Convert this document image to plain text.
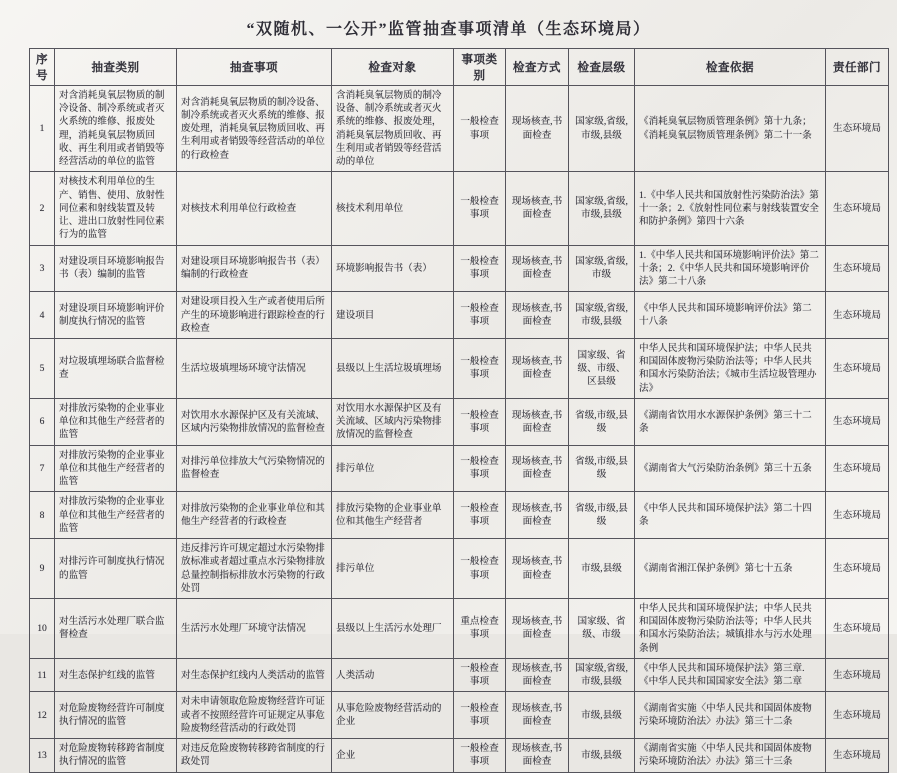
“双随机、一公开”监管抽查事项清单（生态环境局）
序号	抽查类别	抽查事项	检查对象	事项类别	检查方式	检查层级	检查依据	责任部门
1	对含消耗臭氧层物质的制冷设备、制冷系统或者灭火系统的维修、报废处理，消耗臭氧层物质回收、再生利用或者销毁等经营活动的单位的监管	对含消耗臭氧层物质的制冷设备、制冷系统或者灭火系统的维修、报废处理，消耗臭氧层物质回收、再生利用或者销毁等经营活动的单位的行政检查	含消耗臭氧层物质的制冷设备、制冷系统或者灭火系统的维修、报废处理，消耗臭氧层物质回收、再生利用或者销毁等经营活动的单位	一般检查事项	现场核查,书面检查	国家级,省级,市级,县级	《消耗臭氧层物质管理条例》第十九条；《消耗臭氧层物质管理条例》第二十一条	生态环境局
2	对核技术利用单位的生产、销售、使用、放射性同位素和射线装置及转让、进出口放射性同位素行为的监管	对核技术利用单位行政检查	核技术利用单位	一般检查事项	现场核查,书面检查	国家级,省级,市级,县级	1.《中华人民共和国放射性污染防治法》第十一条；2.《放射性同位素与射线装置安全和防护条例》第四十六条	生态环境局
3	对建设项目环境影响报告书（表）编制的监管	对建设项目环境影响报告书（表）编制的行政检查	环境影响报告书（表）	一般检查事项	现场核查,书面检查	国家级,省级,市级	1.《中华人民共和国环境影响评价法》第二十条；2.《中华人民共和国环境影响评价法》第二十八条	生态环境局
4	对建设项目环境影响评价制度执行情况的监管	对建设项目投入生产或者使用后所产生的环境影响进行跟踪检查的行政检查	建设项目	一般检查事项	现场核查,书面检查	国家级,省级,市级,县级	《中华人民共和国环境影响评价法》第二十八条	生态环境局
5	对垃圾填埋场联合监督检查	生活垃圾填埋场环境守法情况	县级以上生活垃圾填埋场	一般检查事项	现场核查,书面检查	国家级、省级、市级、区县级	中华人民共和国环境保护法；中华人民共和国固体废物污染防治法等；中华人民共和国水污染防治法；《城市生活垃圾管理办法》	生态环境局
6	对排放污染物的企业事业单位和其他生产经营者的监管	对饮用水水源保护区及有关流域、区域内污染物排放情况的监督检查	对饮用水水源保护区及有关流域、区域内污染物排放情况的监督检查	一般检查事项	现场核查,书面检查	省级,市级,县级	《湖南省饮用水水源保护条例》第三十二条	生态环境局
7	对排放污染物的企业事业单位和其他生产经营者的监管	对排污单位排放大气污染物情况的监督检查	排污单位	一般检查事项	现场核查,书面检查	省级,市级,县级	《湖南省大气污染防治条例》第三十五条	生态环境局
8	对排放污染物的企业事业单位和其他生产经营者的监管	对排放污染物的企业事业单位和其他生产经营者的行政检查	排放污染物的企业事业单位和其他生产经营者	一般检查事项	现场核查,书面检查	省级,市级,县级	《中华人民共和国环境保护法》第二十四条	生态环境局
9	对排污许可制度执行情况的监管	违反排污许可规定超过水污染物排放标准或者超过重点水污染物排放总量控制指标排放水污染物的行政处罚	排污单位	一般检查事项	现场核查,书面检查	市级,县级	《湖南省湘江保护条例》第七十五条	生态环境局
10	对生活污水处理厂联合监督检查	生活污水处理厂环境守法情况	县级以上生活污水处理厂	重点检查事项	现场核查,书面检查	国家级、省级、市级	中华人民共和国环境保护法；中华人民共和国固体废物污染防治法等；中华人民共和国水污染防治法；城镇排水与污水处理条例	生态环境局
11	对生态保护红线的监管	对生态保护红线内人类活动的监管	人类活动	一般检查事项	现场核查,书面检查	国家级,省级,市级,县级	《中华人民共和国环境保护法》第三章.《中华人民共和国国家安全法》第二章	生态环境局
12	对危险废物经营许可制度执行情况的监管	对未申请领取危险废物经营许可证或者不按照经营许可证规定从事危险废物经营活动的行政处罚	从事危险废物经营活动的企业	一般检查事项	现场核查,书面检查	市级,县级	《湖南省实施〈中华人民共和国固体废物污染环境防治法〉办法》第三十二条	生态环境局
13	对危险废物转移跨省制度执行情况的监管	对违反危险废物转移跨省制度的行政处罚	企业	一般检查事项	现场核查,书面检查	市级,县级	《湖南省实施〈中华人民共和国固体废物污染环境防治法〉办法》第三十三条	生态环境局
